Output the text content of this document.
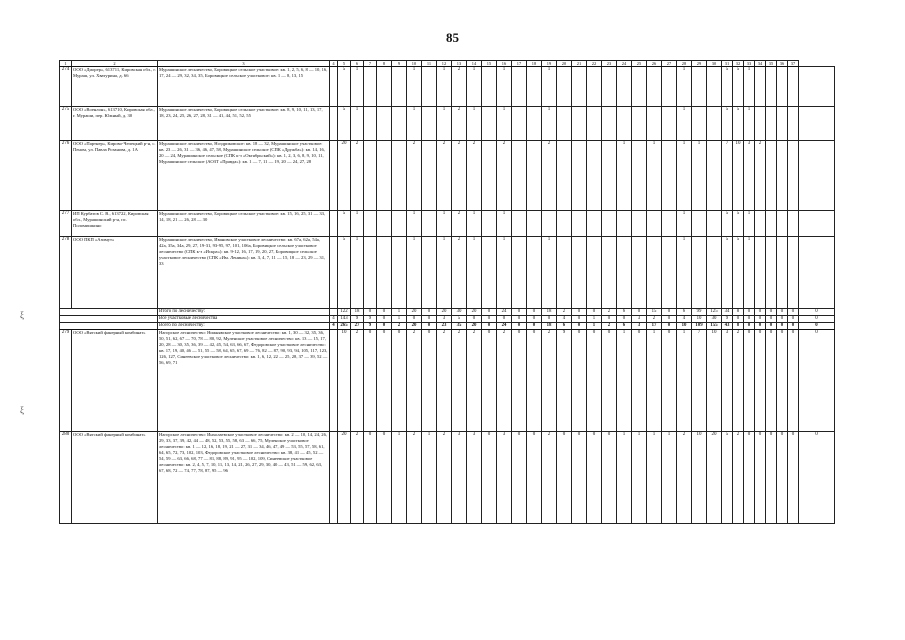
85
ξ
ξ
1	2	3	4	5	6	7	8	9	10	11	12	13	14	15	16	17	18	19	20	21	22	23	24	25	26	27	28	29	30	31	32	33	34	35	36	37	
274	ООО «Диорер», 613711, Кировская обл., г. Мураш, ул. Хватурина, д. 66	Мурашинское лесничество, Боровицкое сельское участковое: кв. 1, 2, 5, 6, 8 — 10, 16, 17, 24 — 29, 32, 34, 35, Боровицкое сельское участковое: кв. 1 — 8, 13, 15		5	1				1		1	2	1		1			1									1			5	5	1					
275	ООО «Военлон», 613710, Кировская обл., г. Мураши, пер. Южный, д. 30	Мурашинское лесничество, Боровицкое сельское участковое: кв. 8, 9, 10, 11, 13, 17, 18, 23, 24, 25, 26, 27, 28, 31 — 41, 44, 51, 52, 55		5	1				1		1	2	1		1			1									1			5	5	1					
276	ООО «Партнер», Кирово-Чепецкий р-н, с. Пеном, ул. Павла Розанова, д. 1А	Мурашинское лесничество, Ноздриковское: кв. 18 — 32, Мурашинское участковое: кв. 23 — 26, 31 — 36, 46, 47, 58, Мурашинское сельское (СПК «Дружба»): кв. 14, 16, 20 — 24, Мурашинское сельское (СПК к-з «Октябрьский»): кв. 1, 2, 3, 6, 8, 9, 10, 11, Мурашинское сельское (АОЗТ «Правда»): кв. 1 — 7, 11 — 19, 20 — 24, 27, 28		20	2				2		2	2	2		2			2					1		1		1	1		7	10	3	2				
277	ИП Курбатов С. В., 613722, Кировская обл., Мурашинский р-н, пс. Поломишкино	Мурашинское лесничество, Боровицкое сельское участковое: кв. 15, 16, 25, 31 — 33, 14, 18, 21 — 26, 28 — 30		5	1				1		1	2	1		1												1			5	5	1					
278	ООО ПКП «Азимут»	Мурашинское лесничество, Ивановское участковое лесничество: кв. 67а, 62а, 54а, 42а, 35а, 34а, 29, 27, 19-31, 93-95, 97, 101, 106а, Боровицкое сельское участковое лесничество (СПК к-з «Искра»): кв. 9-12, 16, 17, 19, 20, 27, Боровицкое сельское участковое лесничество (СПК «Им. Ленина»): кв. 3, 4, 7, 11 — 15, 18 — 23, 29 — 31, 33		5	1				1		1	2	1		1			1									1			5	5	1					
		Итого по лесничеству:		122	18	0	0	1	20	0	20	30	20	0	24	0	0	18	2	0	0	2	6	0	15	0	6	99	125	34	8	0	0	0	0	0	0
		Все участковые лесничества	4	143	9	9	0	1	0	0	3	5	0	0	0	0	0	0	4	0	1	0	0	3	2	0	4	10	30	9	0	0	0	0	0	0	0
		Всего по лесничеству:	4	265	27	9	0	2	20	0	23	35	20	0	24	0	0	18	6	0	1	2	6	3	17	0	10	109	155	43	8	0	0	0	0	0	0
279	ООО «Вятский фанерный комбинат»	Нагорское лесничество: Нижнявское участковое лесничество: кв. 1, 30 — 32, 35, 36, 50, 51, 62, 67 — 70, 78 — 80, 92, Муленское участковое лесничество: кв. 13 — 15, 17, 20, 28 — 30, 35, 36, 39 — 42, 45, 54, 63, 66, 67, Федоровское участковое лесничество: кв. 17, 19, 40, 46 — 51, 55 — 58, 64, 65, 67, 69 — 76, 82 — 87, 90, 93, 94, 105, 117, 123, 126, 127, Синеевское участковое лесничество: кв. 1, 6, 12, 22 — 25, 28, 37 — 39, 52 — 56, 69, 71		10	2	0	0	0	2	0	2	2	2	0	2	0	0	2	9	0	0	0	1	0	1	0	1	7	10	3	2	0	0	0	0	0	0
280	ООО «Вятский фанерный комбинат»	Нагорское лесничество: Инхолаевское участковое лесничество: кв. 2 — 10, 14, 24, 26, 29, 33, 37, 39, 42, 44 — 48, 52, 53, 55, 58, 63 — 66, 75, Муленское участковое лесничество: кв. 1 — 12, 16, 18, 19, 21 — 27, 31 — 34, 46, 47, 49 — 53, 55, 57, 58, 61, 64, 65, 72, 73, 102, 103, Федоровское участковое лесничество: кв. 38, 41 — 45, 52 — 54, 59 — 63, 66, 68, 77 — 81, 88, 89, 91, 95 — 102, 109, Синеевское участковое лесничество: кв. 2, 4, 5, 7, 10, 11, 13, 14, 21, 26, 27, 29, 30, 40 — 43, 51 — 59, 62, 63, 67, 68, 72 — 74, 77, 78, 87, 95 — 96		20	2	0	0	1	2	1	2	3	3	0	3	0	0	2	0	0	0	0	1	1	1	1	2	10	20	5	2	0	0	0	0	0	0
